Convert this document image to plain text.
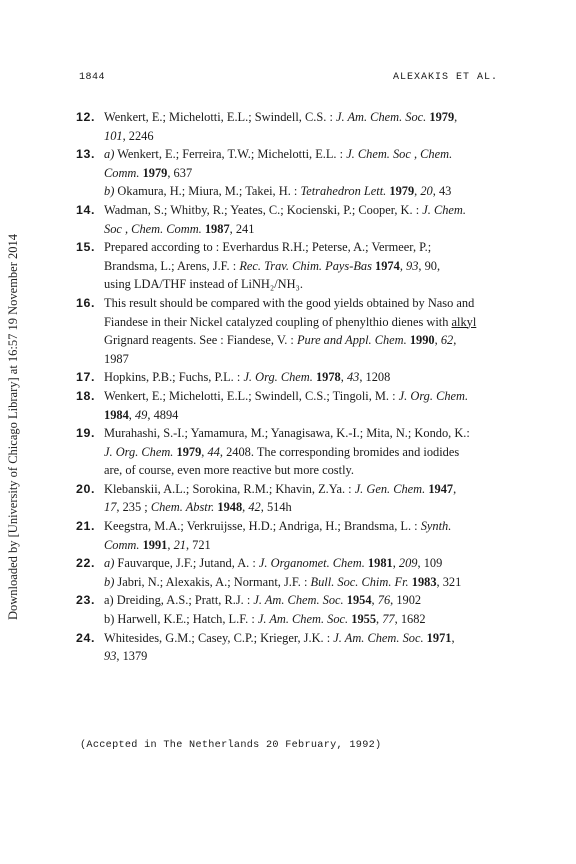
1844	ALEXAKIS ET AL.
Downloaded by [University of Chicago Library] at 16:57 19 November 2014
12. Wenkert, E.; Michelotti, E.L.; Swindell, C.S. : J. Am. Chem. Soc. 1979,
101, 2246
13. a) Wenkert, E.; Ferreira, T.W.; Michelotti, E.L. : J. Chem. Soc , Chem.
Comm. 1979, 637
b) Okamura, H.; Miura, M.; Takei, H. : Tetrahedron Lett. 1979, 20, 43
14. Wadman, S.; Whitby, R.; Yeates, C.; Kocienski, P.; Cooper, K. : J. Chem.
Soc , Chem. Comm. 1987, 241
15. Prepared according to : Everhardus R.H.; Peterse, A.; Vermeer, P.;
Brandsma, L.; Arens, J.F. : Rec. Trav. Chim. Pays-Bas 1974, 93, 90,
using LDA/THF instead of LiNH₂/NH₃.
16. This result should be compared with the good yields obtained by Naso and
Fiandese in their Nickel catalyzed coupling of phenylthio dienes with alkyl
Grignard reagents. See : Fiandese, V. : Pure and Appl. Chem. 1990, 62,
1987
17. Hopkins, P.B.; Fuchs, P.L. : J. Org. Chem. 1978, 43, 1208
18. Wenkert, E.; Michelotti, E.L.; Swindell, C.S.; Tingoli, M. : J. Org. Chem.
1984, 49, 4894
19. Murahashi, S.-I.; Yamamura, M.; Yanagisawa, K.-I.; Mita, N.; Kondo, K.:
J. Org. Chem. 1979, 44, 2408. The corresponding bromides and iodides
are, of course, even more reactive but more costly.
20. Klebanskii, A.L.; Sorokina, R.M.; Khavin, Z.Ya. : J. Gen. Chem. 1947,
17, 235 ; Chem. Abstr. 1948, 42, 514h
21. Keegstra, M.A.; Verkruijsse, H.D.; Andriga, H.; Brandsma, L. : Synth.
Comm. 1991, 21, 721
22. a) Fauvarque, J.F.; Jutand, A. : J. Organomet. Chem. 1981, 209, 109
b) Jabri, N.; Alexakis, A.; Normant, J.F. : Bull. Soc. Chim. Fr. 1983, 321
23. a) Dreiding, A.S.; Pratt, R.J. : J. Am. Chem. Soc. 1954, 76, 1902
b) Harwell, K.E.; Hatch, L.F. : J. Am. Chem. Soc. 1955, 77, 1682
24. Whitesides, G.M.; Casey, C.P.; Krieger, J.K. : J. Am. Chem. Soc. 1971,
93, 1379
(Accepted in The Netherlands 20 February, 1992)
